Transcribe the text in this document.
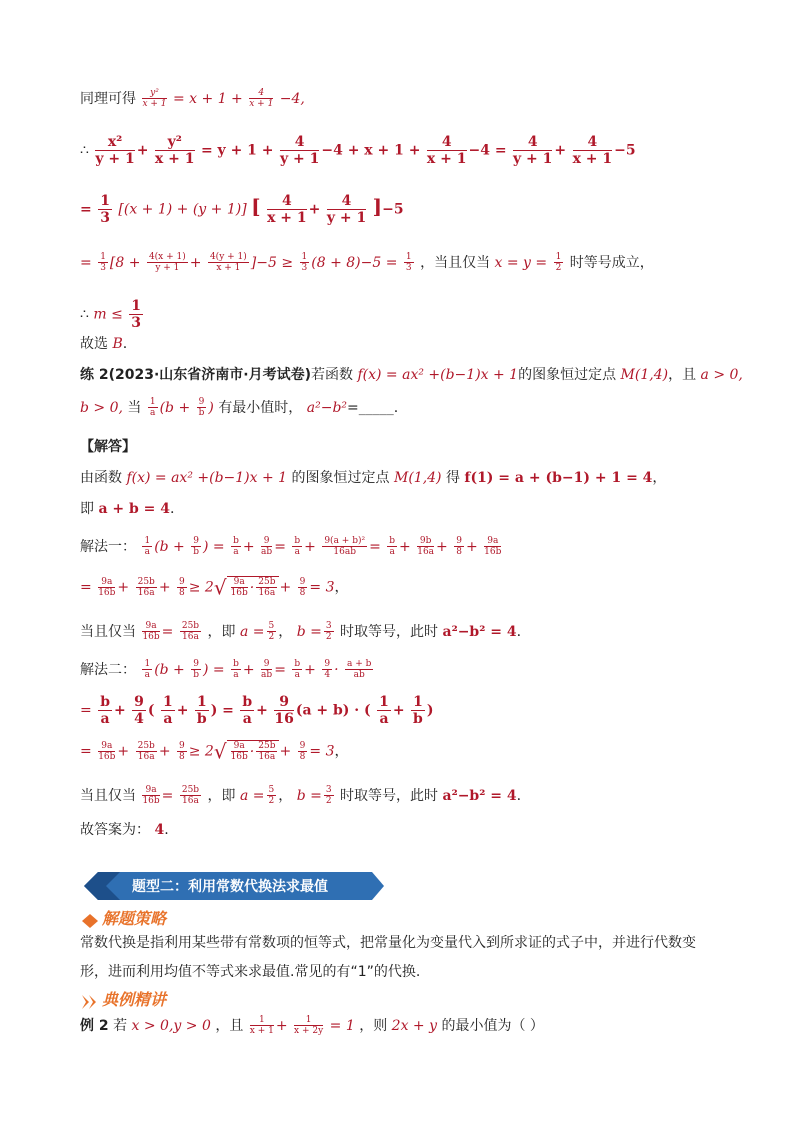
同理可得 $\frac{\text{y²}}{x + 1} = x + 1 + \frac{4}{x + 1} -4$,
∴ $\frac{\text{x²}}{y + 1} + \frac{\text{y²}}{x + 1} = y + 1 + \frac{4}{y + 1} -4 + x + 1 + \frac{4}{x + 1} -4 = \frac{4}{y + 1} + \frac{4}{x + 1} -5$
= $\frac{1}{3} [(x + 1) + (y + 1)]$ [ $\frac{4}{x + 1} + \frac{4}{y + 1} ]-5$
= $\frac{1}{3} [8 + \frac{4(x + 1)}{y + 1} + \frac{4(y + 1)}{x + 1} ]-5 \ge \frac{1}{3} (8 + 8)-5 = \frac{1}{3}$ ，当且仅当 $x = y = \frac{1}{2}$ 时等号成立，
∴ $m \le \frac{1}{3}$
故选 B.
练 2(2023·山东省济南市·月考试卷)若函数 f(x) = ax² +(b−1)x + 1的图象恒过定点 M(1,4)，且 a > 0,
b > 0, 当 $\frac{1}{a} (b + \frac{9}{b}$ ) 有最小值时， a²−b²=_____.
【解答】
由函数 f(x) = ax² +(b−1)x + 1 的图象恒过定点 M(1,4) 得 f(1) = a + (b−1) + 1 = 4，
即 a + b = 4.
解法一： $\frac{1}{a} (b + \frac{9}{b}$ ) = $\frac{b}{a} + \frac{9}{ab} = \frac{b}{a} + \frac{\text{9(a + b)²}}{16ab} = \frac{b}{a} + \frac{9b}{16a} + \frac{9}{8} + \frac{9a}{16b}$
= $\frac{9a}{16b} + \frac{25b}{16a} + \frac{9}{8} \ge 2√ \frac{9a}{16b} \cdot \frac{25b}{16a} + \frac{9}{8} = 3$，
当且仅当 $\frac{9a}{16b} = \frac{25b}{16a}$ ，即 $a = \frac{5}{2}$ ， $b = \frac{3}{2}$ 时取等号，此时 a²−b² = 4.
解法二： $\frac{1}{a} (b + \frac{9}{b}$ ) = $\frac{b}{a} + \frac{9}{ab} = \frac{b}{a} + \frac{9}{4} \cdot \frac{a + b}{ab}$
= $\frac{b}{a} + \frac{9}{4}$ ( $\frac{1}{a} + \frac{1}{b}$ ) = $\frac{b}{a} + \frac{9}{16} (a + b)$ · ( $\frac{1}{a} + \frac{1}{b}$ )
= $\frac{9a}{16b} + \frac{25b}{16a} + \frac{9}{8} \ge 2√ \frac{9a}{16b} \cdot \frac{25b}{16a} + \frac{9}{8} = 3$，
当且仅当 $\frac{9a}{16b} = \frac{25b}{16a}$ ，即 $a = \frac{5}{2}$ ， $b = \frac{3}{2}$ 时取等号，此时 a²−b² = 4.
故答案为： 4.
题型二：利用常数代换法求最值
解题策略
常数代换是指利用某些带有常数项的恒等式，把常量化为变量代入到所求证的式子中，并进行代数变
形，进而利用均值不等式来求最值.常见的有“1”的代换.
典例精讲
例 2 若 x > 0,y > 0 ，且 $\frac{1}{x + 1} + \frac{1}{x + 2y} = 1$ ，则 2x + y 的最小值为（ ）
